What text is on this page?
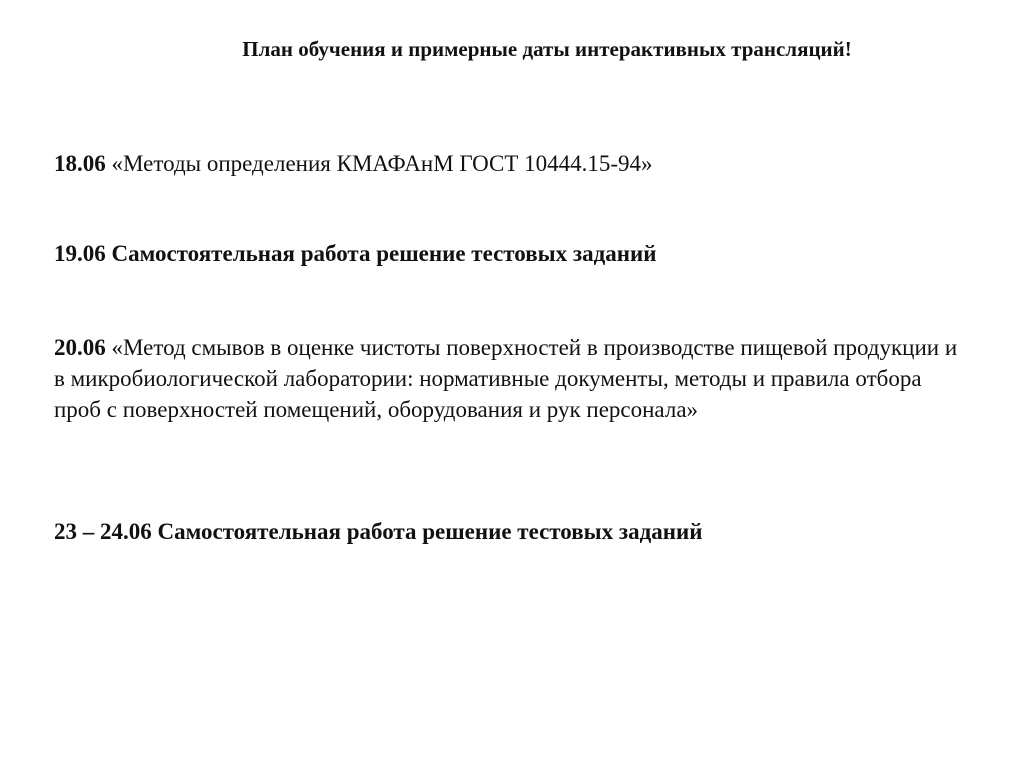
План обучения и примерные даты интерактивных трансляций!
18.06 «Методы определения КМАФАнМ ГОСТ 10444.15-94»
19.06 Самостоятельная работа решение тестовых заданий
20.06 «Метод смывов в оценке чистоты поверхностей в производстве пищевой продукции и в микробиологической лаборатории: нормативные документы, методы и правила отбора проб с поверхностей помещений, оборудования и рук персонала»
23 – 24.06 Самостоятельная работа решение тестовых заданий
